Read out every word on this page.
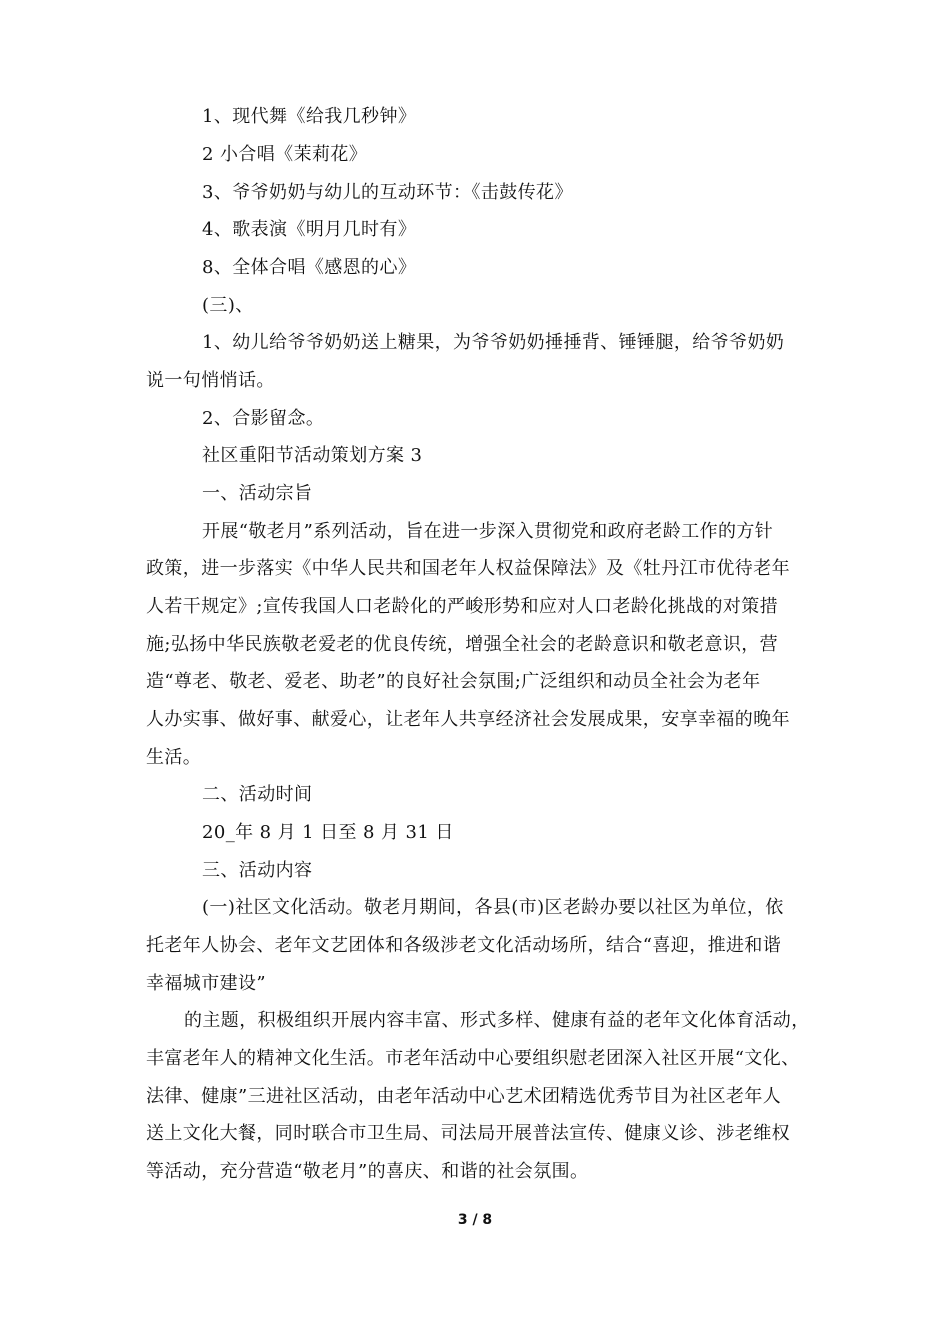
1、现代舞《给我几秒钟》
2 小合唱《茉莉花》
3、爷爷奶奶与幼儿的互动环节：《击鼓传花》
4、歌表演《明月几时有》
8、全体合唱《感恩的心》
(三)、
1、幼儿给爷爷奶奶送上糖果，为爷爷奶奶捶捶背、锤锤腿，给爷爷奶奶
说一句悄悄话。
2、合影留念。
社区重阳节活动策划方案 3
一、活动宗旨
开展“敬老月”系列活动，旨在进一步深入贯彻党和政府老龄工作的方针
政策，进一步落实《中华人民共和国老年人权益保障法》及《牡丹江市优待老年
人若干规定》;宣传我国人口老龄化的严峻形势和应对人口老龄化挑战的对策措
施;弘扬中华民族敬老爱老的优良传统，增强全社会的老龄意识和敬老意识，营
造“尊老、敬老、爱老、助老”的良好社会氛围;广泛组织和动员全社会为老年
人办实事、做好事、献爱心，让老年人共享经济社会发展成果，安享幸福的晚年
生活。
二、活动时间
20_年 8 月 1 日至 8 月 31 日
三、活动内容
(一)社区文化活动。敬老月期间，各县(市)区老龄办要以社区为单位，依
托老年人协会、老年文艺团体和各级涉老文化活动场所，结合“喜迎，推进和谐
幸福城市建设”
的主题，积极组织开展内容丰富、形式多样、健康有益的老年文化体育活动，
丰富老年人的精神文化生活。市老年活动中心要组织慰老团深入社区开展“文化、
法律、健康”三进社区活动，由老年活动中心艺术团精选优秀节目为社区老年人
送上文化大餐，同时联合市卫生局、司法局开展普法宣传、健康义诊、涉老维权
等活动，充分营造“敬老月”的喜庆、和谐的社会氛围。
3 / 8
